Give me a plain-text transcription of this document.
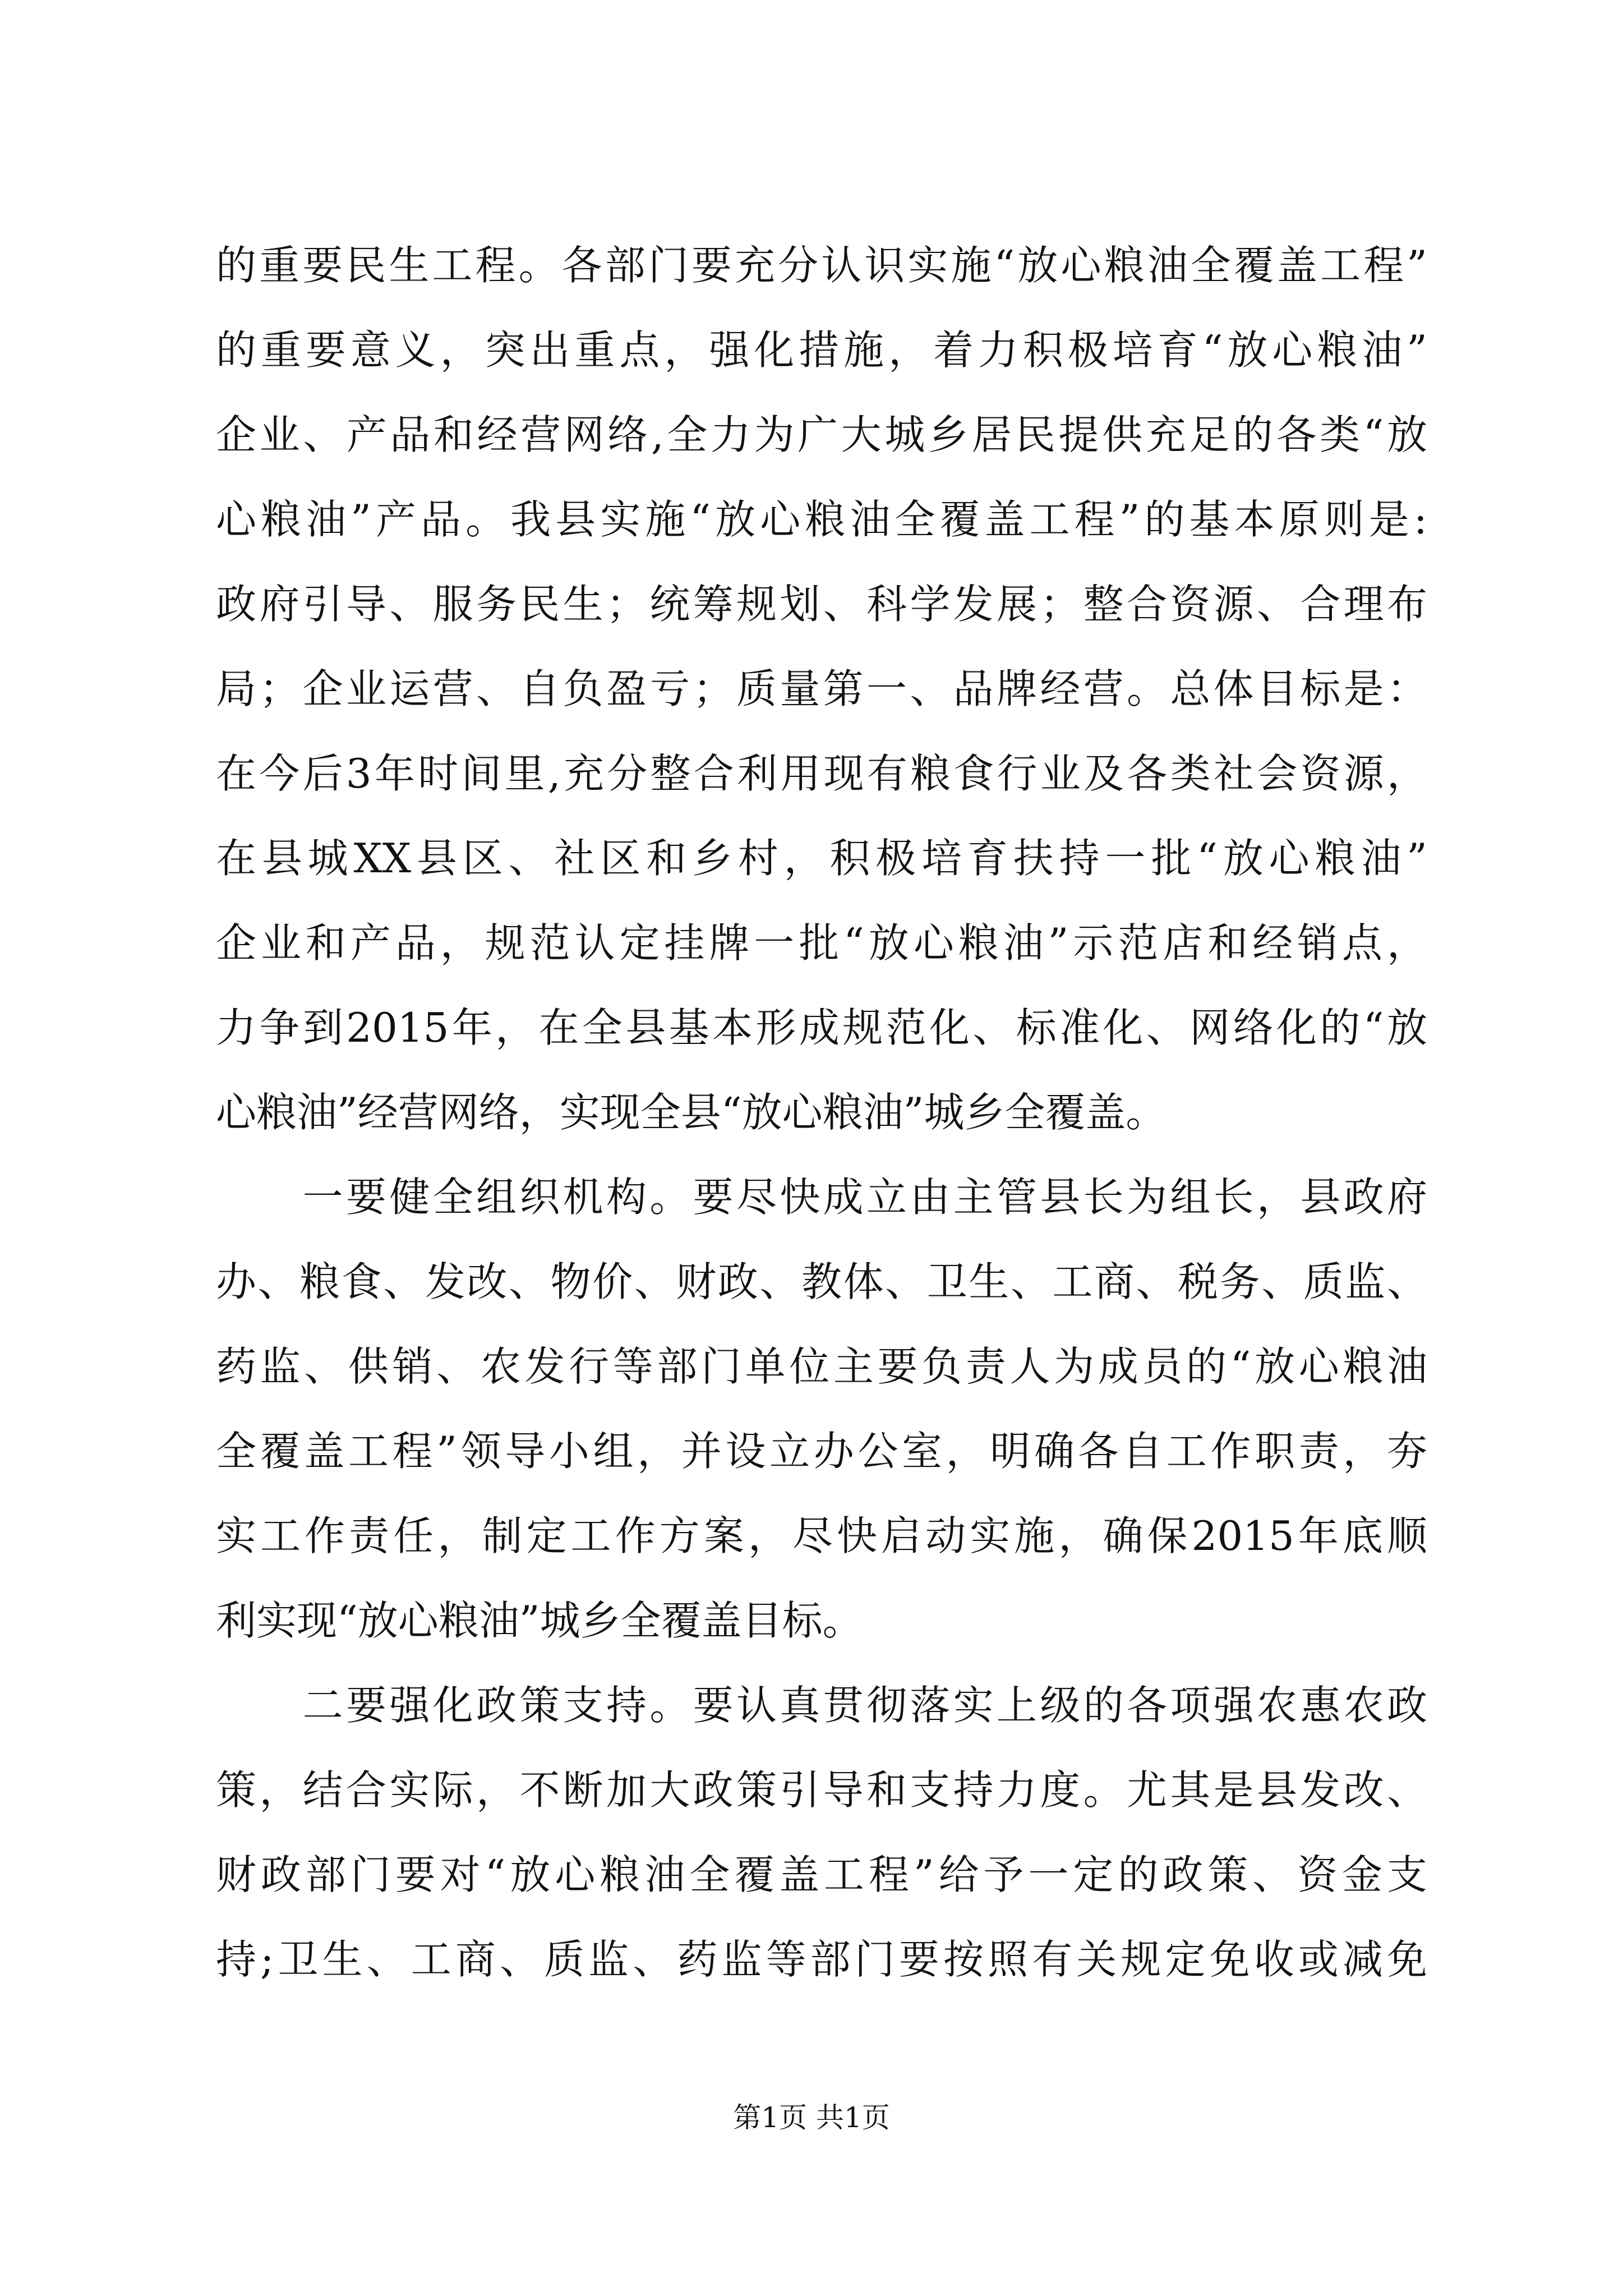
的重要民生工程。各部门要充分认识实施“放心粮油全覆盖工程”
的重要意义，突出重点，强化措施，着力积极培育“放心粮油”
企业、产品和经营网络,全力为广大城乡居民提供充足的各类“放
心粮油”产品。我县实施“放心粮油全覆盖工程”的基本原则是:
政府引导、服务民生；统筹规划、科学发展；整合资源、合理布
局；企业运营、自负盈亏；质量第一、品牌经营。总体目标是：
在今后3年时间里,充分整合利用现有粮食行业及各类社会资源，
在县城XX县区、社区和乡村，积极培育扶持一批“放心粮油”
企业和产品，规范认定挂牌一批“放心粮油”示范店和经销点，
力争到2015年，在全县基本形成规范化、标准化、网络化的“放
心粮油”经营网络，实现全县“放心粮油”城乡全覆盖。
　　一要健全组织机构。要尽快成立由主管县长为组长，县政府
办、粮食、发改、物价、财政、教体、卫生、工商、税务、质监、
药监、供销、农发行等部门单位主要负责人为成员的“放心粮油
全覆盖工程”领导小组，并设立办公室，明确各自工作职责，夯
实工作责任，制定工作方案，尽快启动实施，确保2015年底顺
利实现“放心粮油”城乡全覆盖目标。
　　二要强化政策支持。要认真贯彻落实上级的各项强农惠农政
策，结合实际，不断加大政策引导和支持力度。尤其是县发改、
财政部门要对“放心粮油全覆盖工程”给予一定的政策、资金支
持;卫生、工商、质监、药监等部门要按照有关规定免收或减免
第1页 共1页
